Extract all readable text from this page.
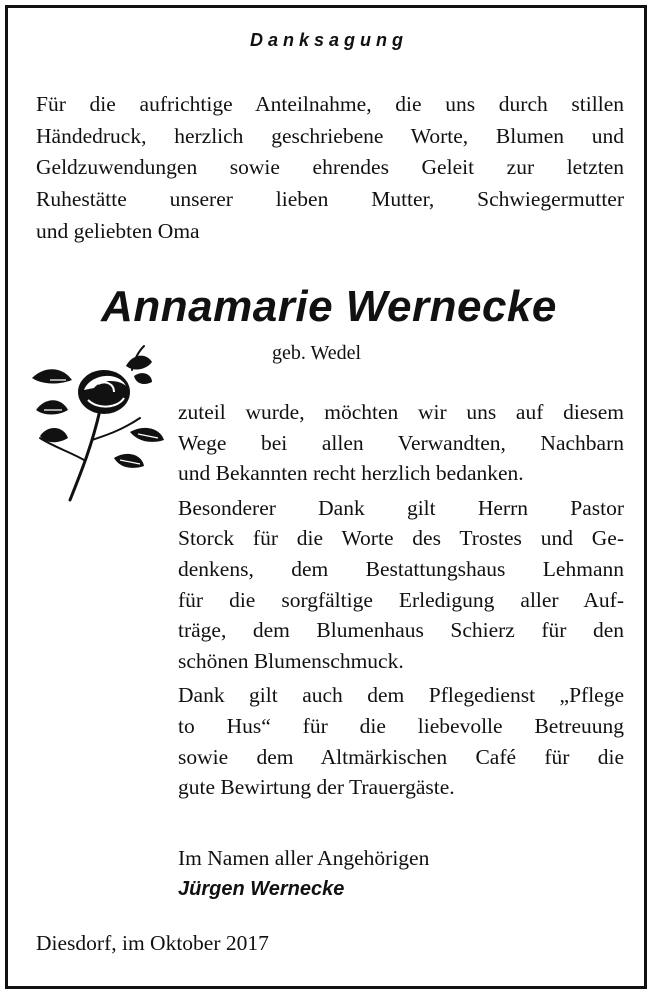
Danksagung
Für die aufrichtige Anteilnahme, die uns durch stillen
Händedruck, herzlich geschriebene Worte, Blumen und
Geldzuwendungen sowie ehrendes Geleit zur letzten
Ruhestätte unserer lieben Mutter, Schwiegermutter
und geliebten Oma
Annamarie Wernecke
geb. Wedel
zuteil wurde, möchten wir uns auf diesem
Wege bei allen Verwandten, Nachbarn
und Bekannten recht herzlich bedanken.
Besonderer Dank gilt Herrn Pastor
Storck für die Worte des Trostes und Ge-
denkens, dem Bestattungshaus Lehmann
für die sorgfältige Erledigung aller Auf-
träge, dem Blumenhaus Schierz für den
schönen Blumenschmuck.
Dank gilt auch dem Pflegedienst „Pflege
to Hus“ für die liebevolle Betreuung
sowie dem Altmärkischen Café für die
gute Bewirtung der Trauergäste.
Im Namen aller Angehörigen
Jürgen Wernecke
Diesdorf, im Oktober 2017
